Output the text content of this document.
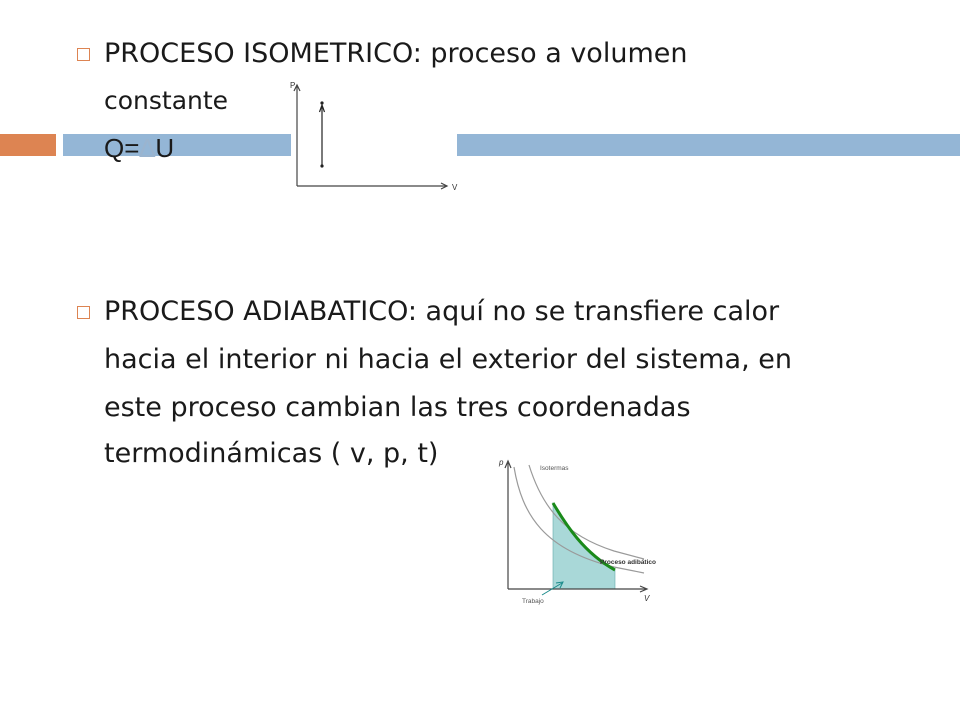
PROCESO ISOMETRICO: proceso a volumen
constante
Q=∆U
P
V
PROCESO ADIABATICO: aquí no se transfiere calor
hacia el interior ni hacia el exterior del sistema, en
este proceso cambian las tres coordenadas
termodinámicas ( v, p, t)	p
V
Isotermas
Proceso adibático
Trabajo
